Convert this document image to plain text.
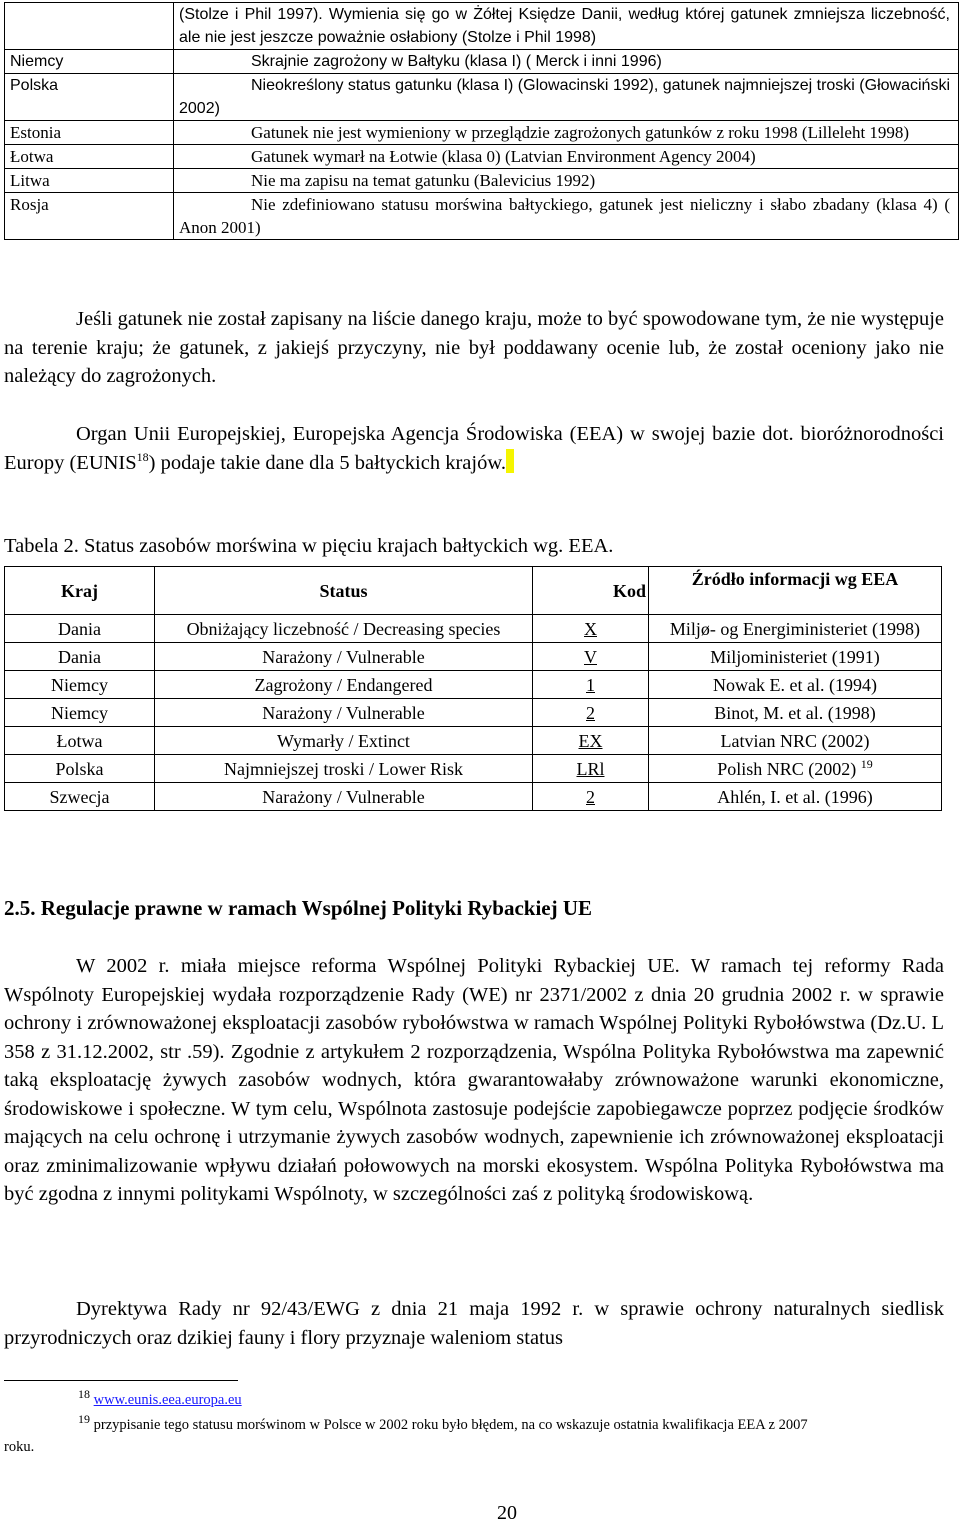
	(Stolze i Phil 1997). Wymienia się go w Żółtej Księdze Danii, według której gatunek zmniejsza liczebność, ale nie jest jeszcze poważnie osłabiony (Stolze i Phil 1998)
Niemcy	Skrajnie zagrożony w Bałtyku (klasa I) ( Merck i inni 1996)
Polska	Nieokreślony status gatunku (klasa I) (Glowacinski 1992), gatunek najmniejszej troski (Głowaciński 2002)
Estonia	Gatunek nie jest wymieniony w przeglądzie zagrożonych gatunków z roku 1998 (Lilleleht 1998)
Łotwa	Gatunek wymarł na Łotwie (klasa 0) (Latvian Environment Agency 2004)
Litwa	Nie ma zapisu na temat gatunku (Balevicius 1992)
Rosja	Nie zdefiniowano statusu morświna bałtyckiego, gatunek jest nieliczny i słabo zbadany (klasa 4) ( Anon 2001)
Jeśli gatunek nie został zapisany na liście danego kraju, może to być spowodowane tym, że nie występuje na terenie kraju; że gatunek, z jakiejś przyczyny, nie był poddawany ocenie lub, że został oceniony jako nie należący do zagrożonych.
Organ Unii Europejskiej, Europejska Agencja Środowiska (EEA) w swojej bazie dot. bioróżnorodności Europy (EUNIS$^{18}$) podaje takie dane dla 5 bałtyckich krajów.
Tabela 2. Status zasobów morświna w pięciu krajach bałtyckich wg. EEA.
Kraj	Status	Kod	Źródło informacji wg EEA
Dania	Obniżający liczebność / Decreasing species	X	Miljø- og Energiministeriet (1998)
Dania	Narażony / Vulnerable	V	Miljoministeriet (1991)
Niemcy	Zagrożony / Endangered	1	Nowak E. et al. (1994)
Niemcy	Narażony / Vulnerable	2	Binot, M. et al. (1998)
Łotwa	Wymarły / Extinct	EX	Latvian NRC (2002)
Polska	Najmniejszej troski / Lower Risk	LRl	Polish NRC (2002) $^{19}$
Szwecja	Narażony / Vulnerable	2	Ahlén, I. et al. (1996)
2.5. Regulacje prawne w ramach Wspólnej Polityki Rybackiej UE
W 2002 r. miała miejsce reforma Wspólnej Polityki Rybackiej UE. W ramach tej reformy Rada Wspólnoty Europejskiej wydała rozporządzenie Rady (WE) nr 2371/2002 z dnia 20 grudnia 2002 r. w sprawie ochrony i zrównoważonej eksploatacji zasobów rybołówstwa w ramach Wspólnej Polityki Rybołówstwa (Dz.U. L 358 z 31.12.2002, str .59). Zgodnie z artykułem 2 rozporządzenia, Wspólna Polityka Rybołówstwa ma zapewnić taką eksploatację żywych zasobów wodnych, która gwarantowałaby zrównoważone warunki ekonomiczne, środowiskowe i społeczne. W tym celu, Wspólnota zastosuje podejście zapobiegawcze poprzez podjęcie środków mających na celu ochronę i utrzymanie żywych zasobów wodnych, zapewnienie ich zrównoważonej eksploatacji oraz zminimalizowanie wpływu działań połowowych na morski ekosystem. Wspólna Polityka Rybołówstwa ma być zgodna z innymi politykami Wspólnoty, w szczególności zaś z polityką środowiskową.
Dyrektywa Rady nr 92/43/EWG z dnia 21 maja 1992 r. w sprawie ochrony naturalnych siedlisk przyrodniczych oraz dzikiej fauny i flory przyznaje waleniom status
$^{18}$ www.eunis.eea.europa.eu
$^{19}$ przypisanie tego statusu morświnom w Polsce w 2002 roku było błędem, na co wskazuje ostatnia kwalifikacja EEA z 2007
roku.
20
